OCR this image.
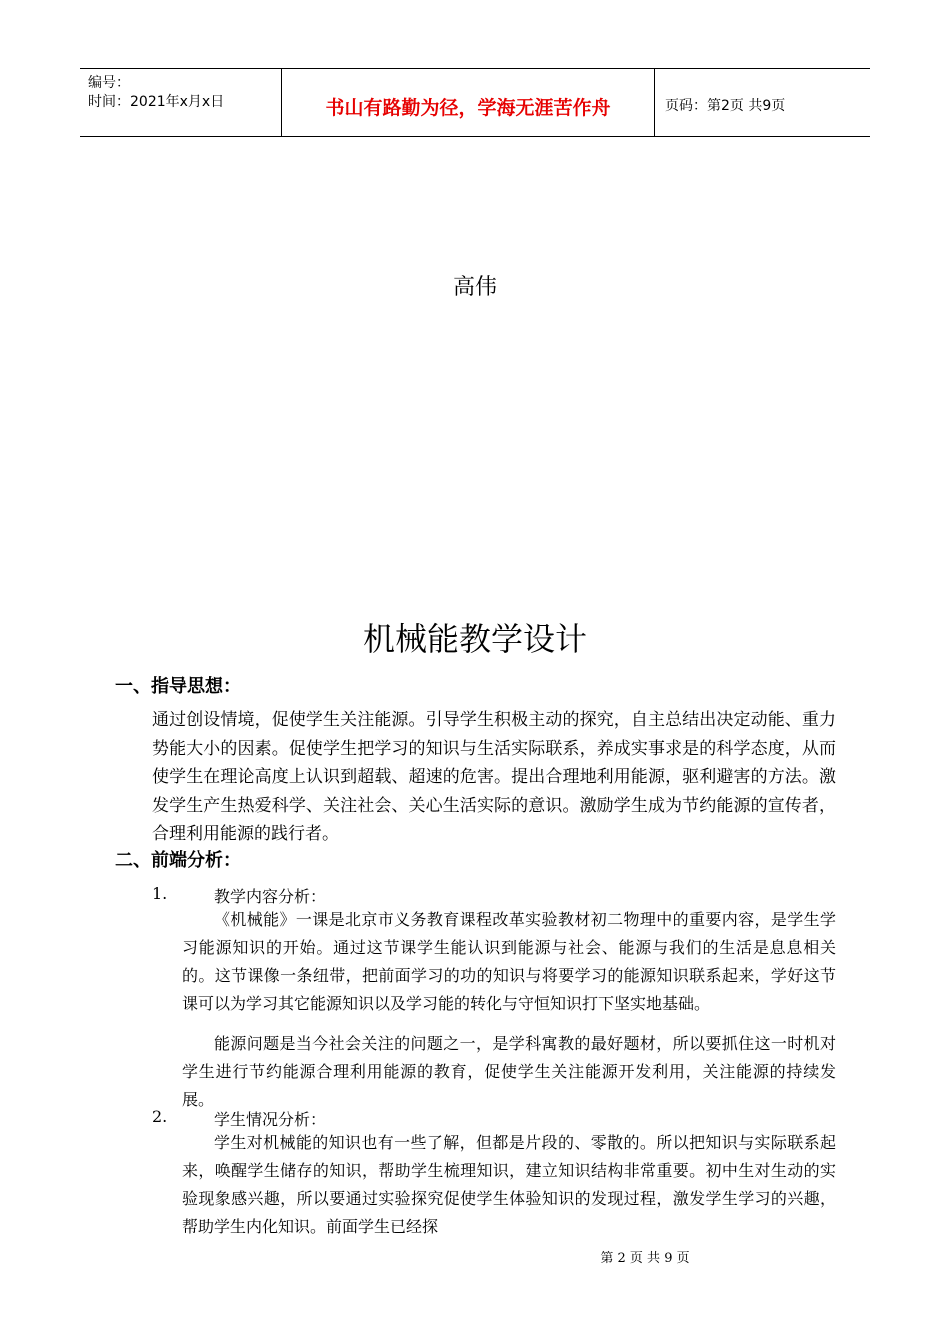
编号：
时间：2021年x月x日	书山有路勤为径，学海无涯苦作舟	页码：第2页 共9页
高伟
机械能教学设计
一、指导思想：

通过创设情境，促使学生关注能源。引导学生积极主动的探究，自主总结出决定动能、重力势能大小的因素。促使学生把学习的知识与生活实际联系，养成实事求是的科学态度，从而使学生在理论高度上认识到超载、超速的危害。提出合理地利用能源，驱利避害的方法。激发学生产生热爱科学、关注社会、关心生活实际的意识。激励学生成为节约能源的宣传者，合理利用能源的践行者。

二、前端分析：
1.	教学内容分析：

《机械能》一课是北京市义务教育课程改革实验教材初二物理中的重要内容，是学生学习能源知识的开始。通过这节课学生能认识到能源与社会、能源与我们的生活是息息相关的。这节课像一条纽带，把前面学习的功的知识与将要学习的能源知识联系起来，学好这节课可以为学习其它能源知识以及学习能的转化与守恒知识打下坚实地基础。

能源问题是当今社会关注的问题之一，是学科寓教的最好题材，所以要抓住这一时机对学生进行节约能源合理利用能源的教育，促使学生关注能源开发利用，关注能源的持续发展。

2.	学生情况分析：

学生对机械能的知识也有一些了解，但都是片段的、零散的。所以把知识与实际联系起来，唤醒学生储存的知识，帮助学生梳理知识，建立知识结构非常重要。初中生对生动的实验现象感兴趣，所以要通过实验探究促使学生体验知识的发现过程，激发学生学习的兴趣，帮助学生内化知识。前面学生已经探

第 2 页 共 9 页
